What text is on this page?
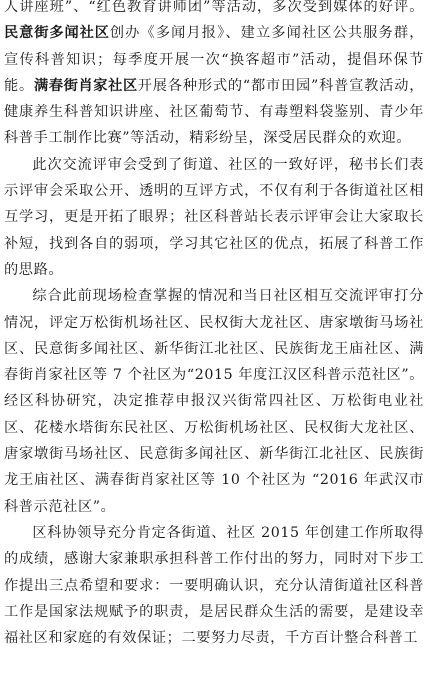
人讲座班”、“红色教育讲师团”等活动，多次受到媒体的好评。民意街多闻社区创办《多闻月报》、建立多闻社区公共服务群，宣传科普知识；每季度开展一次“换客超市”活动，提倡环保节能。满春街肖家社区开展各种形式的“都市田园”科普宣教活动，健康养生科普知识讲座、社区葡萄节、有毒塑料袋鉴别、青少年科普手工制作比赛”等活动，精彩纷呈，深受居民群众的欢迎。

此次交流评审会受到了街道、社区的一致好评，秘书长们表示评审会采取公开、透明的互评方式，不仅有利于各街道社区相互学习，更是开拓了眼界；社区科普站长表示评审会让大家取长补短，找到各自的弱项，学习其它社区的优点，拓展了科普工作的思路。

综合此前现场检查掌握的情况和当日社区相互交流评审打分情况，评定万松街机场社区、民权街大龙社区、唐家墩街马场社区、民意街多闻社区、新华街江北社区、民族街龙王庙社区、满春街肖家社区等 7 个社区为“2015 年度江汉区科普示范社区”。经区科协研究，决定推荐申报汉兴街常四社区、万松街电业社区、花楼水塔街东民社区、万松街机场社区、民权街大龙社区、唐家墩街马场社区、民意街多闻社区、新华街江北社区、民族街龙王庙社区、满春街肖家社区等 10 个社区为 “2016 年武汉市科普示范社区”。

区科协领导充分肯定各街道、社区 2015 年创建工作所取得的成绩，感谢大家兼职承担科普工作付出的努力，同时对下步工作提出三点希望和要求：一要明确认识，充分认清街道社区科普工作是国家法规赋予的职责，是居民群众生活的需要，是建设幸福社区和家庭的有效保证；二要努力尽责，千方百计整合科普工
